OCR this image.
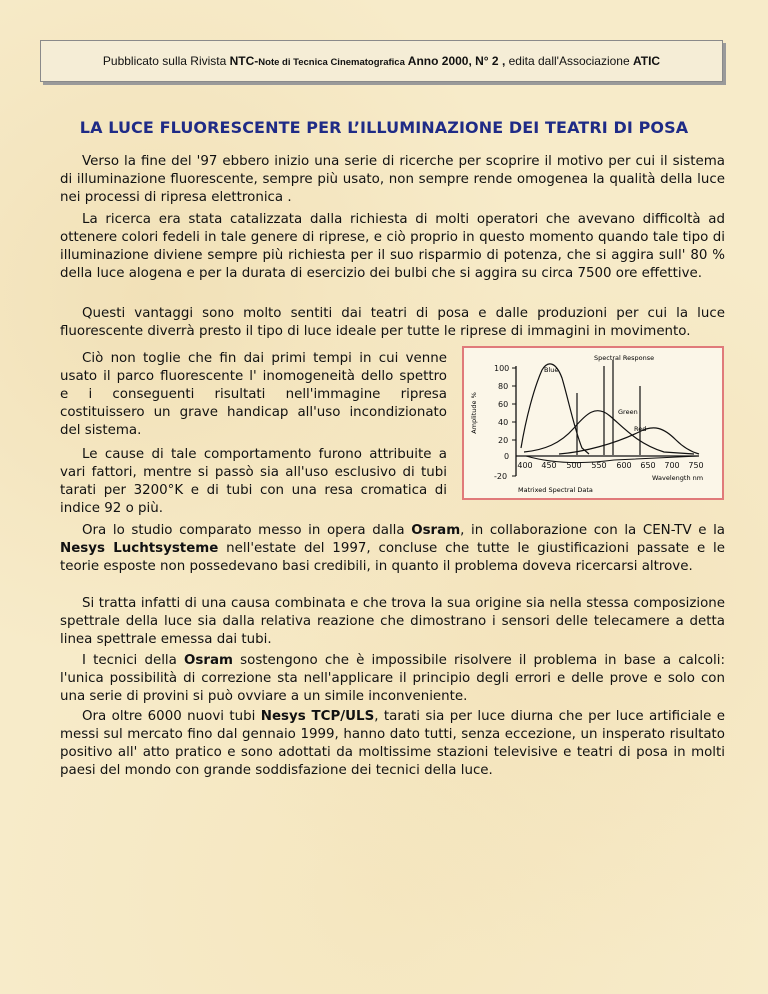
Pubblicato sulla Rivista NTC-Note di Tecnica Cinematografica Anno 2000, N° 2 , edita dall'Associazione ATIC
LA LUCE FLUORESCENTE PER L’ILLUMINAZIONE DEI TEATRI DI POSA

Verso la fine del '97 ebbero inizio una serie di ricerche per scoprire il motivo per cui il sistema di illuminazione fluorescente, sempre più usato, non sempre rende omogenea la qualità della luce nei processi di ripresa elettronica .

La ricerca era stata catalizzata dalla richiesta di molti operatori che avevano difficoltà ad ottenere colori fedeli in tale genere di riprese, e ciò proprio in questo momento quando tale tipo di illuminazione diviene sempre più richiesta per il suo risparmio di potenza, che si aggira sull' 80 % della luce alogena e per la durata di esercizio dei bulbi che si aggira su circa 7500 ore effettive.

Questi vantaggi sono molto sentiti dai teatri di posa e dalle produzioni per cui la luce fluorescente diverrà presto il tipo di luce ideale per tutte le riprese di immagini in movimento.

Ciò non toglie che fin dai primi tempi in cui venne usato il parco fluorescente l' inomogeneità dello spettro e i conseguenti risultati nell'immagine ripresa costituissero un grave handicap all'uso incondizionato del sistema.

Le cause di tale comportamento furono attribuite a vari fattori, mentre si passò sia all'uso esclusivo di tubi tarati per 3200°K e di tubi con una resa cromatica di indice 92 o più.

Ora lo studio comparato messo in opera dalla Osram, in collaborazione con la CEN-TV e la Nesys Luchtsysteme nell'estate del 1997, concluse che tutte le giustificazioni passate e le teorie esposte non possedevano basi credibili, in quanto il problema doveva ricercarsi altrove.

Si tratta infatti di una causa combinata e che trova la sua origine sia nella stessa composizione spettrale della luce sia dalla relativa reazione che dimostrano i sensori delle telecamere a detta linea spettrale emessa dai tubi.

I tecnici della Osram sostengono che è impossibile risolvere il problema in base a calcoli: l'unica possibilità di correzione sta nell'applicare il principio degli errori e delle prove e solo con una serie di provini si può ovviare a un simile inconveniente.

Ora oltre 6000 nuovi tubi Nesys TCP/ULS, tarati sia per luce diurna che per luce artificiale e messi sul mercato fino dal gennaio 1999, hanno dato tutti, senza eccezione, un insperato risultato positivo all' atto pratico e sono adottati da moltissime stazioni televisive e teatri di posa in molti paesi del mondo con grande soddisfazione dei tecnici della luce.

100
80
60
40
20
0
-20
Amplitude %
Spectral Response
400 450 500 550 600 650 700 750
Wavelength nm
Matrixed Spectral Data
Blue
Green
Red
